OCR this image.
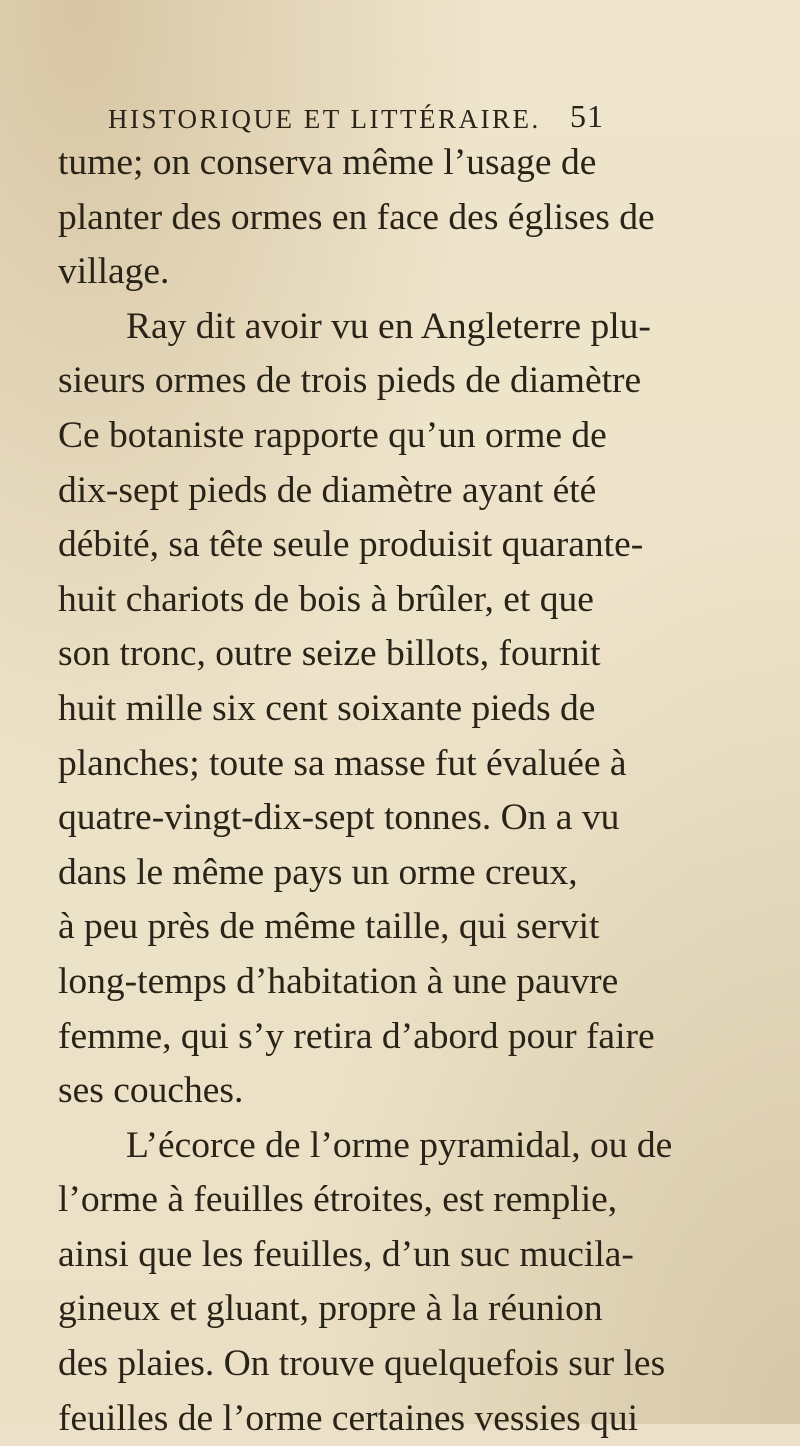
HISTORIQUE ET LITTÉRAIRE. 51
tume; on conserva même l’usage de
planter des ormes en face des églises de
village.
Ray dit avoir vu en Angleterre plu-
sieurs ormes de trois pieds de diamètre
Ce botaniste rapporte qu’un orme de
dix-sept pieds de diamètre ayant été
débité, sa tête seule produisit quarante-
huit chariots de bois à brûler, et que
son tronc, outre seize billots, fournit
huit mille six cent soixante pieds de
planches; toute sa masse fut évaluée à
quatre-vingt-dix-sept tonnes. On a vu
dans le même pays un orme creux,
à peu près de même taille, qui servit
long-temps d’habitation à une pauvre
femme, qui s’y retira d’abord pour faire
ses couches.
L’écorce de l’orme pyramidal, ou de
l’orme à feuilles étroites, est remplie,
ainsi que les feuilles, d’un suc mucila-
gineux et gluant, propre à la réunion
des plaies. On trouve quelquefois sur les
feuilles de l’orme certaines vessies qui
